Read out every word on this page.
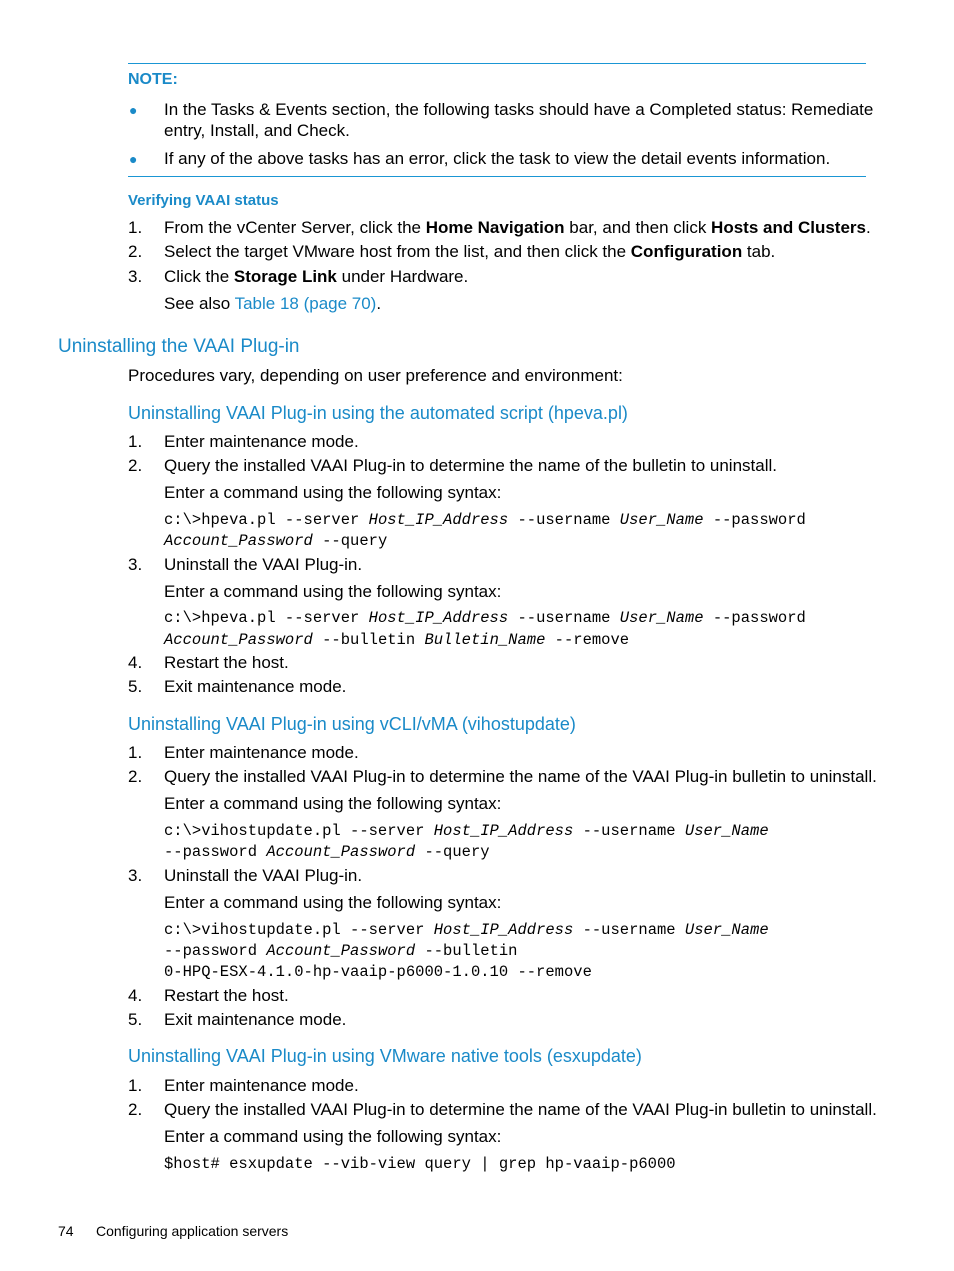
NOTE:
● In the Tasks & Events section, the following tasks should have a Completed status: Remediate
entry, Install, and Check.
● If any of the above tasks has an error, click the task to view the detail events information.
Verifying VAAI status
1. From the vCenter Server, click the Home Navigation bar, and then click Hosts and Clusters.
2. Select the target VMware host from the list, and then click the Configuration tab.
3. Click the Storage Link under Hardware.
See also Table 18 (page 70).
Uninstalling the VAAI Plug-in
Procedures vary, depending on user preference and environment:
Uninstalling VAAI Plug-in using the automated script (hpeva.pl)
1. Enter maintenance mode.
2. Query the installed VAAI Plug-in to determine the name of the bulletin to uninstall.
Enter a command using the following syntax:
c:\>hpeva.pl --server Host_IP_Address --username User_Name --password
Account_Password --query
3. Uninstall the VAAI Plug-in.
Enter a command using the following syntax:
c:\>hpeva.pl --server Host_IP_Address --username User_Name --password
Account_Password --bulletin Bulletin_Name --remove
4. Restart the host.
5. Exit maintenance mode.
Uninstalling VAAI Plug-in using vCLI/vMA (vihostupdate)
1. Enter maintenance mode.
2. Query the installed VAAI Plug-in to determine the name of the VAAI Plug-in bulletin to uninstall.
Enter a command using the following syntax:
c:\>vihostupdate.pl --server Host_IP_Address --username User_Name
--password Account_Password --query
3. Uninstall the VAAI Plug-in.
Enter a command using the following syntax:
c:\>vihostupdate.pl --server Host_IP_Address --username User_Name
--password Account_Password --bulletin
0-HPQ-ESX-4.1.0-hp-vaaip-p6000-1.0.10 --remove
4. Restart the host.
5. Exit maintenance mode.
Uninstalling VAAI Plug-in using VMware native tools (esxupdate)
1. Enter maintenance mode.
2. Query the installed VAAI Plug-in to determine the name of the VAAI Plug-in bulletin to uninstall.
Enter a command using the following syntax:
$host# esxupdate --vib-view query | grep hp-vaaip-p6000
74 Configuring application servers
